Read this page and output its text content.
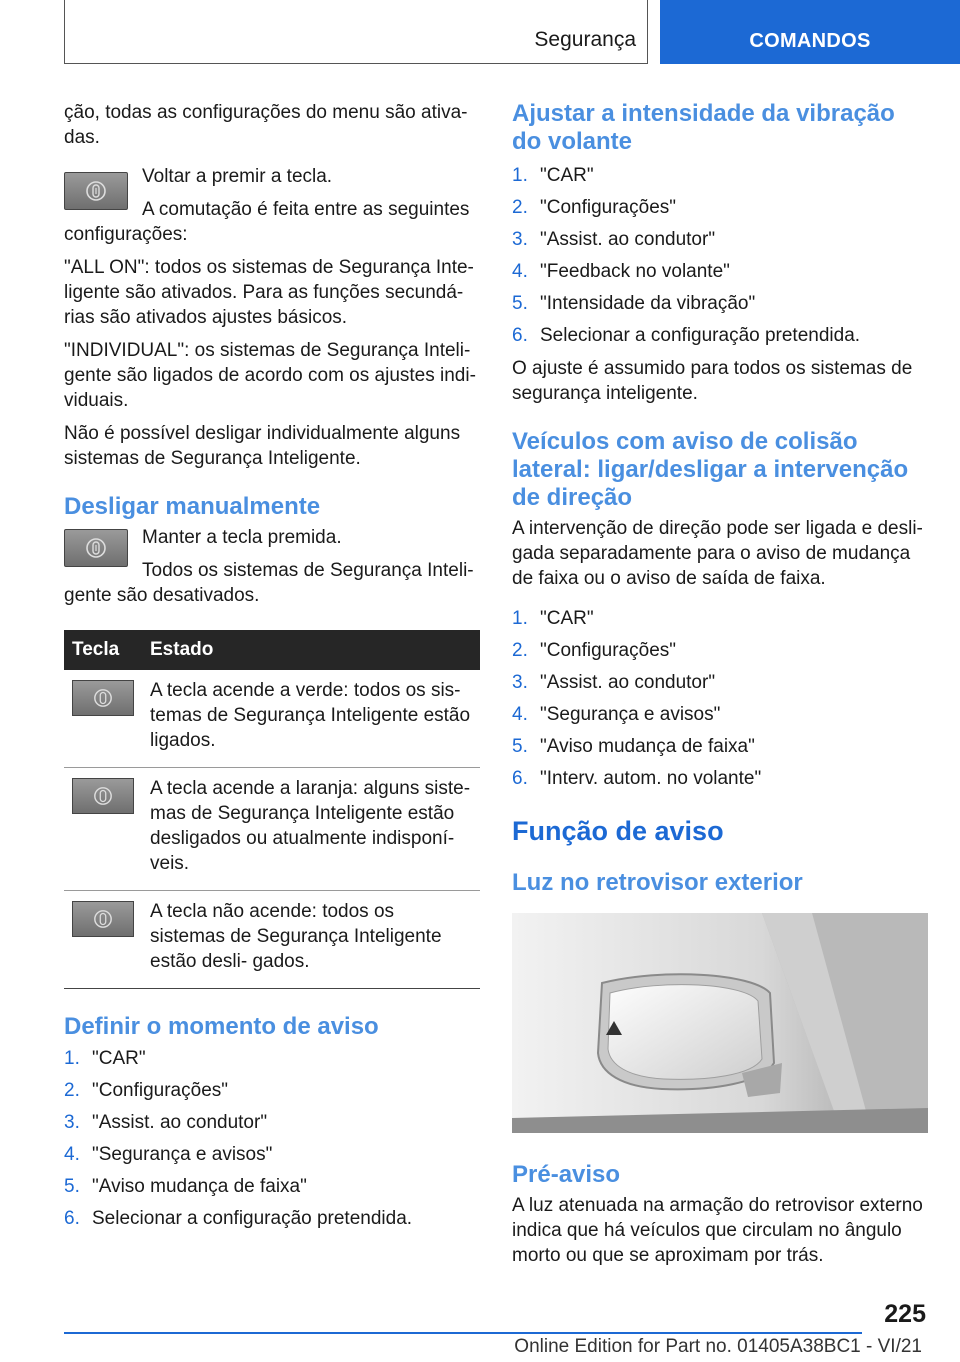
Segurança	COMANDOS

ção, todas as configurações do menu são ativa- das.

Voltar a premir a tecla.

A comutação é feita entre as seguintes configurações:

"ALL ON": todos os sistemas de Segurança Inte- ligente são ativados. Para as funções secundá- rias são ativados ajustes básicos.

"INDIVIDUAL": os sistemas de Segurança Inteli- gente são ligados de acordo com os ajustes indi- viduais.

Não é possível desligar individualmente alguns sistemas de Segurança Inteligente.

Desligar manualmente

Manter a tecla premida.

Todos os sistemas de Segurança Inteli- gente são desativados.

Tecla	Estado

	A tecla acende a verde: todos os sis- temas de Segurança Inteligente estão ligados.

	A tecla acende a laranja: alguns siste- mas de Segurança Inteligente estão desligados ou atualmente indisponí- veis.

	A tecla não acende: todos os sistemas de Segurança Inteligente estão desli- gados.
Definir o momento de aviso
1. "CAR"
2. "Configurações"
3. "Assist. ao condutor"
4. "Segurança e avisos"
5. "Aviso mudança de faixa"
6. Selecionar a configuração pretendida.
Ajustar a intensidade da vibração do volante
1. "CAR"
2. "Configurações"
3. "Assist. ao condutor"
4. "Feedback no volante"
5. "Intensidade da vibração"
6. Selecionar a configuração pretendida.

O ajuste é assumido para todos os sistemas de segurança inteligente.

Veículos com aviso de colisão lateral: ligar/desligar a intervenção de direção

A intervenção de direção pode ser ligada e desli- gada separadamente para o aviso de mudança de faixa ou o aviso de saída de faixa.

1. "CAR"
2. "Configurações"
3. "Assist. ao condutor"
4. "Segurança e avisos"
5. "Aviso mudança de faixa"
6. "Interv. autom. no volante"
Função de aviso
Luz no retrovisor exterior
Pré-aviso

A luz atenuada na armação do retrovisor externo indica que há veículos que circulam no ângulo morto ou que se aproximam por trás.

225
Online Edition for Part no. 01405A38BC1 - VI/21
